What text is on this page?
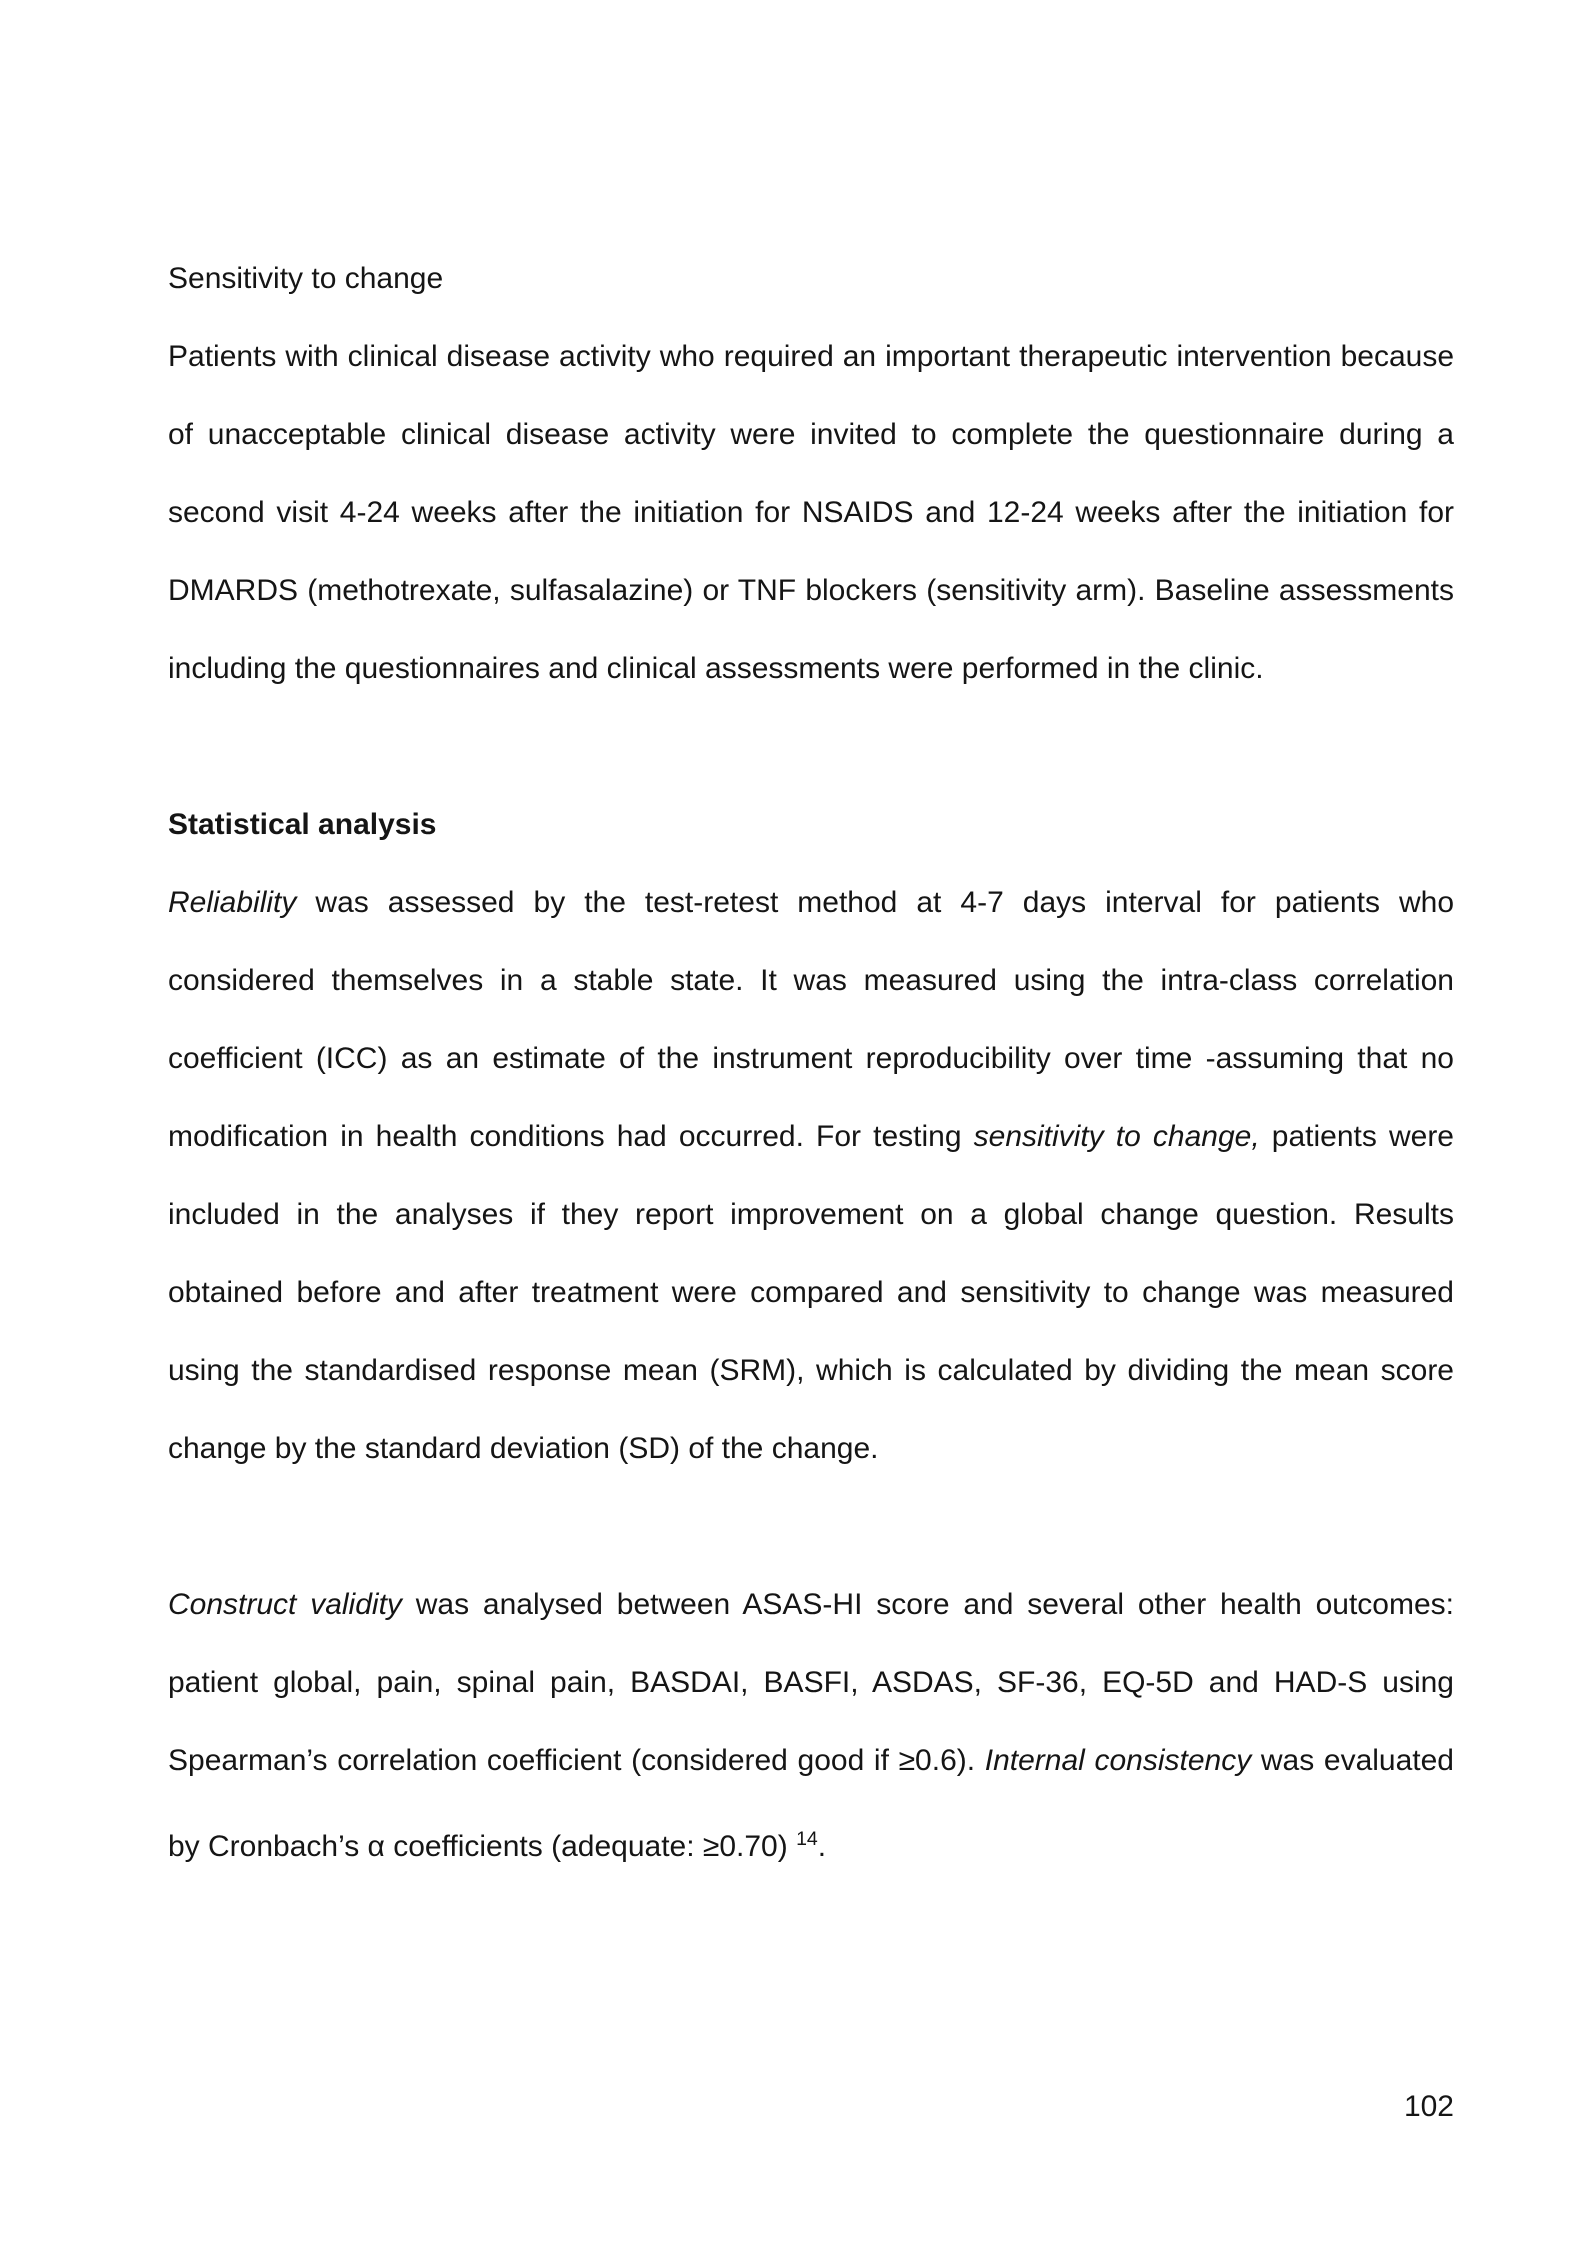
Sensitivity to change

Patients with clinical disease activity who required an important therapeutic intervention because of unacceptable clinical disease activity were invited to complete the questionnaire during a second visit 4-24 weeks after the initiation for NSAIDS and 12-24 weeks after the initiation for DMARDS (methotrexate, sulfasalazine) or TNF blockers (sensitivity arm). Baseline assessments including the questionnaires and clinical assessments were performed in the clinic.

Statistical analysis

Reliability was assessed by the test-retest method at 4-7 days interval for patients who considered themselves in a stable state. It was measured using the intra-class correlation coefficient (ICC) as an estimate of the instrument reproducibility over time -assuming that no modification in health conditions had occurred. For testing sensitivity to change, patients were included in the analyses if they report improvement on a global change question. Results obtained before and after treatment were compared and sensitivity to change was measured using the standardised response mean (SRM), which is calculated by dividing the mean score change by the standard deviation (SD) of the change.

Construct validity was analysed between ASAS-HI score and several other health outcomes: patient global, pain, spinal pain, BASDAI, BASFI, ASDAS, SF-36, EQ-5D and HAD-S using Spearman’s correlation coefficient (considered good if ≥0.6). Internal consistency was evaluated by Cronbach’s α coefficients (adequate: ≥0.70) $^{14}$.

102
